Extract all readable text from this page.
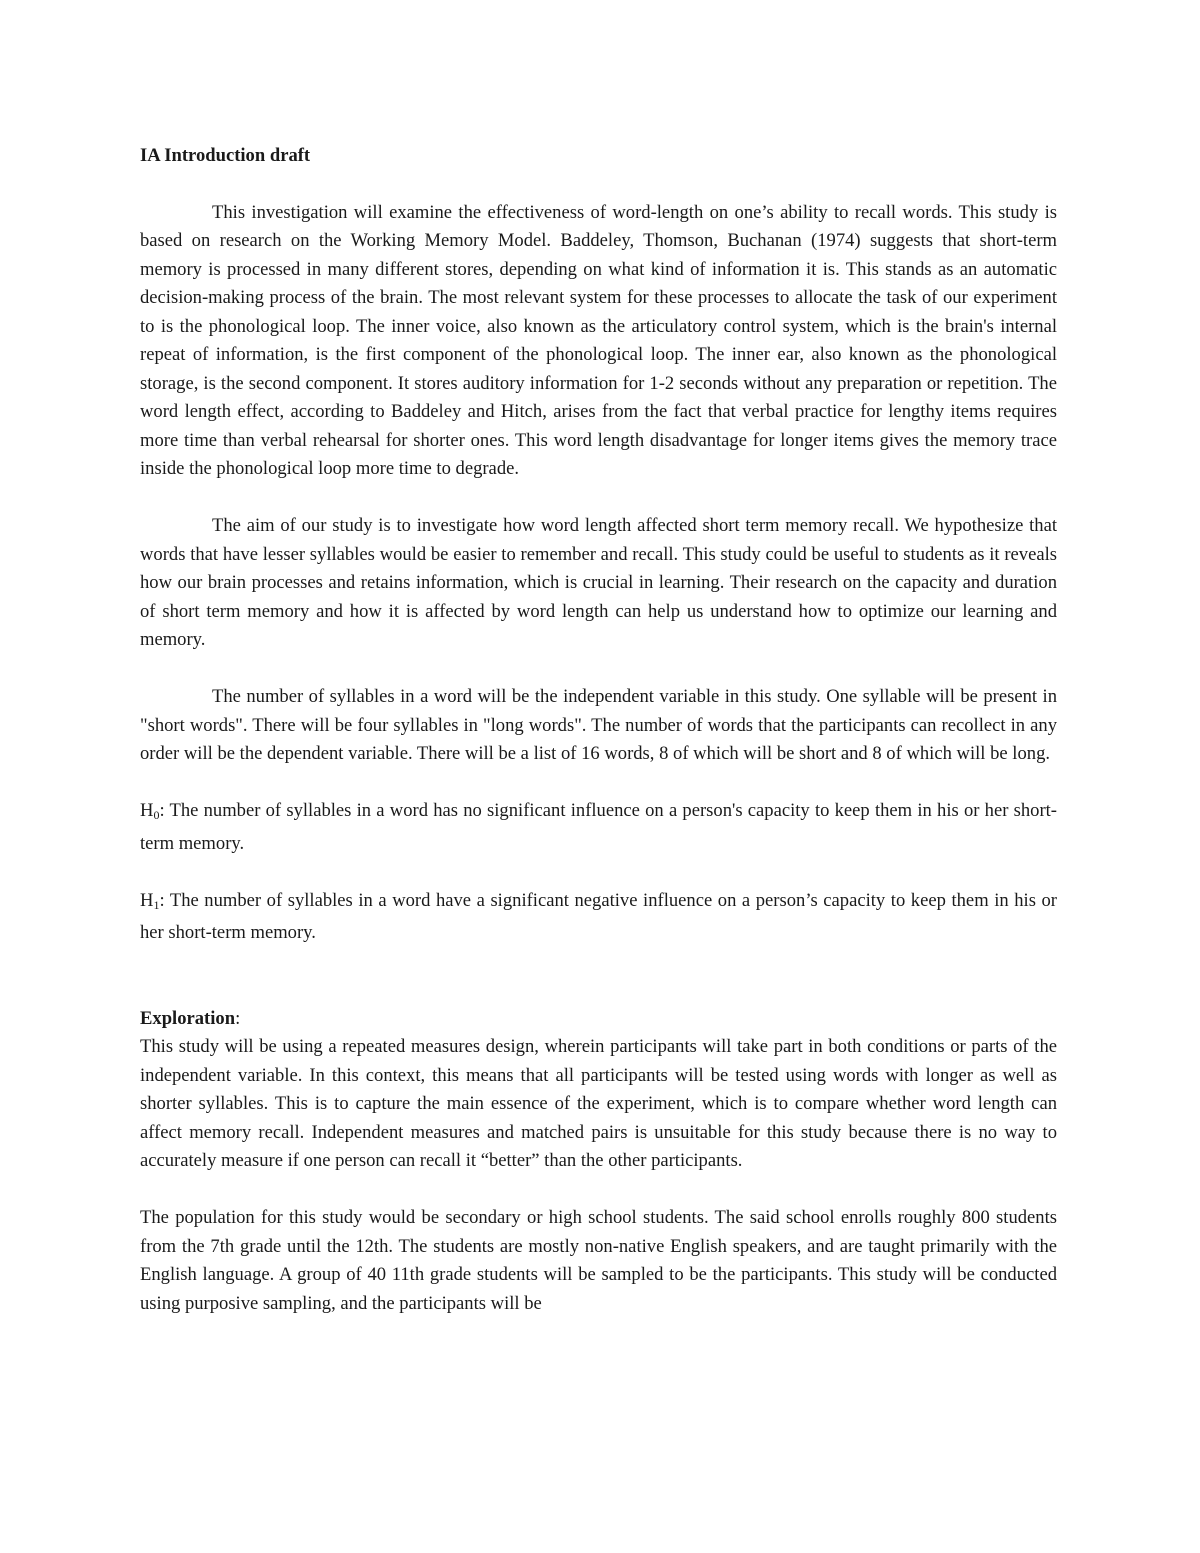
IA Introduction draft

This investigation will examine the effectiveness of word-length on one’s ability to recall words. This study is based on research on the Working Memory Model. Baddeley, Thomson, Buchanan (1974) suggests that short-term memory is processed in many different stores, depending on what kind of information it is. This stands as an automatic decision-making process of the brain. The most relevant system for these processes to allocate the task of our experiment to is the phonological loop. The inner voice, also known as the articulatory control system, which is the brain's internal repeat of information, is the first component of the phonological loop. The inner ear, also known as the phonological storage, is the second component. It stores auditory information for 1-2 seconds without any preparation or repetition. The word length effect, according to Baddeley and Hitch, arises from the fact that verbal practice for lengthy items requires more time than verbal rehearsal for shorter ones. This word length disadvantage for longer items gives the memory trace inside the phonological loop more time to degrade.

The aim of our study is to investigate how word length affected short term memory recall. We hypothesize that words that have lesser syllables would be easier to remember and recall. This study could be useful to students as it reveals how our brain processes and retains information, which is crucial in learning. Their research on the capacity and duration of short term memory and how it is affected by word length can help us understand how to optimize our learning and memory.

The number of syllables in a word will be the independent variable in this study. One syllable will be present in "short words". There will be four syllables in "long words". The number of words that the participants can recollect in any order will be the dependent variable. There will be a list of 16 words, 8 of which will be short and 8 of which will be long.

$H_0$: The number of syllables in a word has no significant influence on a person's capacity to keep them in his or her short-term memory.

$H_1$: The number of syllables in a word have a significant negative influence on a person’s capacity to keep them in his or her short-term memory.

Exploration:

This study will be using a repeated measures design, wherein participants will take part in both conditions or parts of the independent variable. In this context, this means that all participants will be tested using words with longer as well as shorter syllables. This is to capture the main essence of the experiment, which is to compare whether word length can affect memory recall. Independent measures and matched pairs is unsuitable for this study because there is no way to accurately measure if one person can recall it “better” than the other participants.

The population for this study would be secondary or high school students. The said school enrolls roughly 800 students from the 7th grade until the 12th. The students are mostly non-native English speakers, and are taught primarily with the English language. A group of 40 11th grade students will be sampled to be the participants. This study will be conducted using purposive sampling, and the participants will be
